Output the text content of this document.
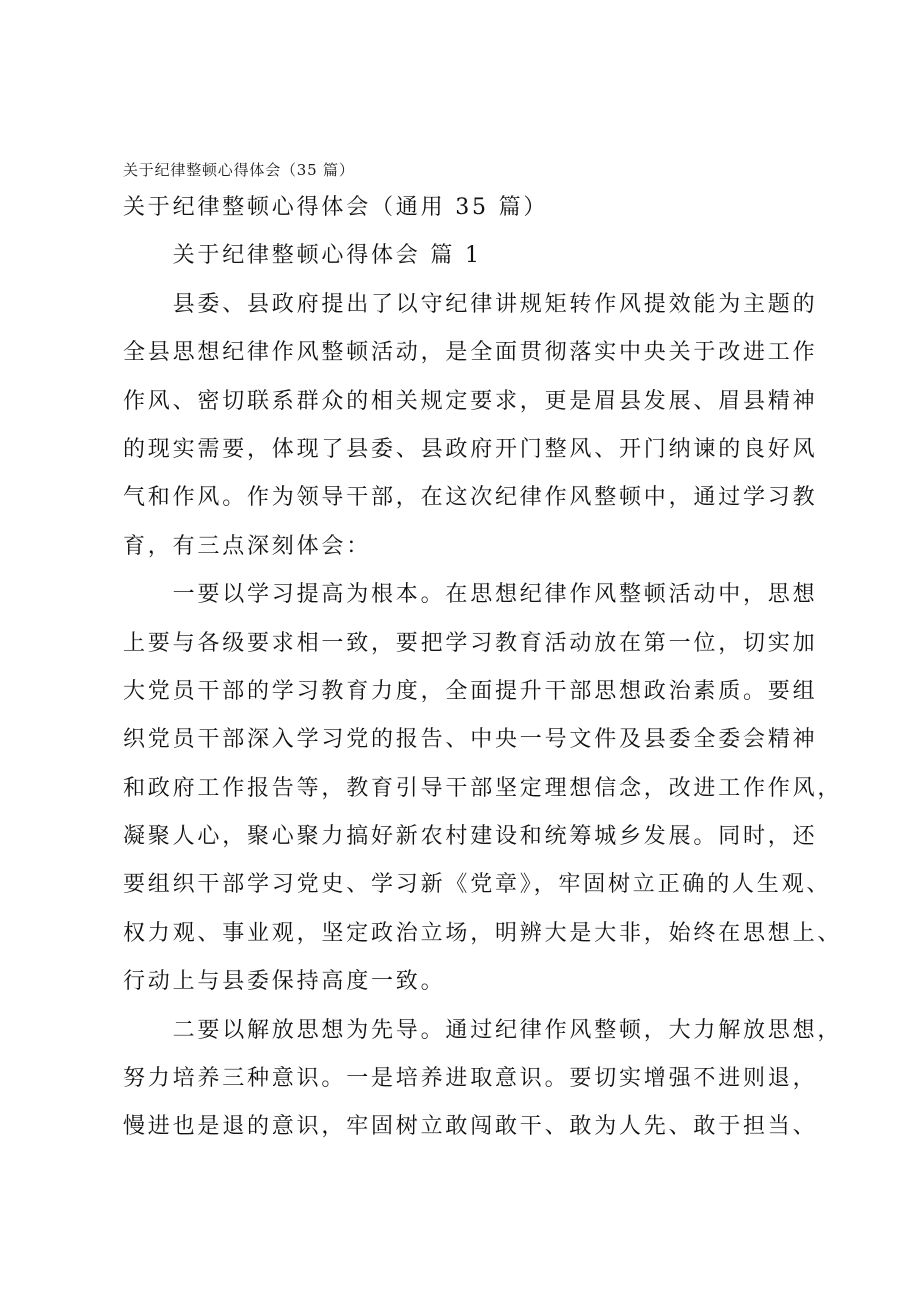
关于纪律整顿心得体会（35 篇）
关于纪律整顿心得体会（通用 35 篇）
关于纪律整顿心得体会 篇 1
县委、县政府提出了以守纪律讲规矩转作风提效能为主题的
全县思想纪律作风整顿活动，是全面贯彻落实中央关于改进工作
作风、密切联系群众的相关规定要求，更是眉县发展、眉县精神
的现实需要，体现了县委、县政府开门整风、开门纳谏的良好风
气和作风。作为领导干部，在这次纪律作风整顿中，通过学习教
育，有三点深刻体会：
一要以学习提高为根本。在思想纪律作风整顿活动中，思想
上要与各级要求相一致，要把学习教育活动放在第一位，切实加
大党员干部的学习教育力度，全面提升干部思想政治素质。要组
织党员干部深入学习党的报告、中央一号文件及县委全委会精神
和政府工作报告等，教育引导干部坚定理想信念，改进工作作风，
凝聚人心，聚心聚力搞好新农村建设和统筹城乡发展。同时，还
要组织干部学习党史、学习新《党章》，牢固树立正确的人生观、
权力观、事业观，坚定政治立场，明辨大是大非，始终在思想上、
行动上与县委保持高度一致。
二要以解放思想为先导。通过纪律作风整顿，大力解放思想，
努力培养三种意识。一是培养进取意识。要切实增强不进则退，
慢进也是退的意识，牢固树立敢闯敢干、敢为人先、敢于担当、
